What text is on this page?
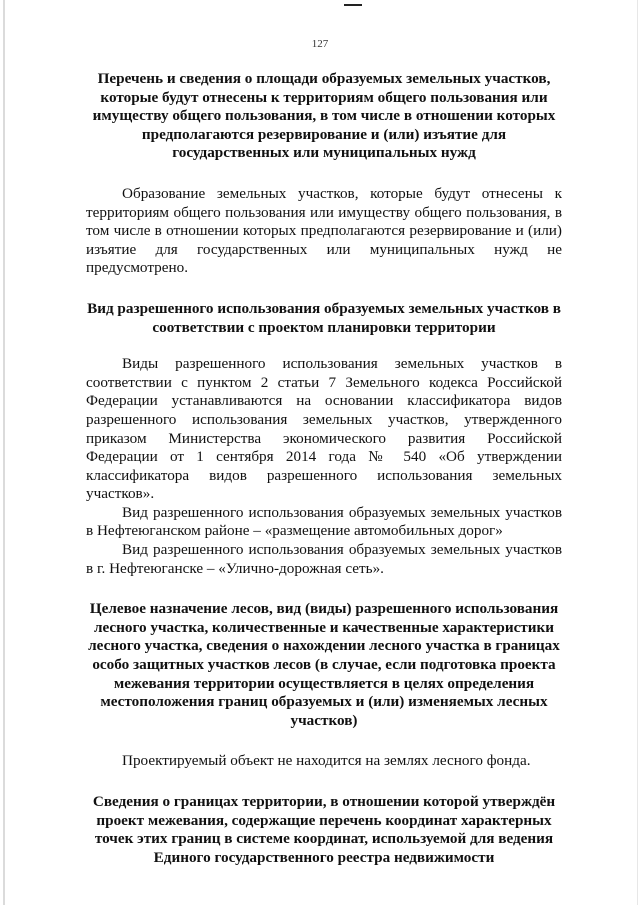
127

Перечень и сведения о площади образуемых земельных участков, которые будут отнесены к территориям общего пользования или имуществу общего пользования, в том числе в отношении которых предполагаются резервирование и (или) изъятие для государственных или муниципальных нужд

Образование земельных участков, которые будут отнесены к территориям общего пользования или имуществу общего пользования, в том числе в отношении которых предполагаются резервирование и (или) изъятие для государственных или муниципальных нужд не предусмотрено.

Вид разрешенного использования образуемых земельных участков в соответствии с проектом планировки территории

Виды разрешенного использования земельных участков в соответствии с пунктом 2 статьи 7 Земельного кодекса Российской Федерации устанавливаются на основании классификатора видов разрешенного использования земельных участков, утвержденного приказом Министерства экономического развития Российской Федерации от 1 сентября 2014 года № 540 «Об утверждении классификатора видов разрешенного использования земельных участков».

Вид разрешенного использования образуемых земельных участков в Нефтеюганском районе – «размещение автомобильных дорог»

Вид разрешенного использования образуемых земельных участков в г. Нефтеюганске – «Улично-дорожная сеть».

Целевое назначение лесов, вид (виды) разрешенного использования лесного участка, количественные и качественные характеристики лесного участка, сведения о нахождении лесного участка в границах особо защитных участков лесов (в случае, если подготовка проекта межевания территории осуществляется в целях определения местоположения границ образуемых и (или) изменяемых лесных участков)

Проектируемый объект не находится на землях лесного фонда.

Сведения о границах территории, в отношении которой утверждён проект межевания, содержащие перечень координат характерных точек этих границ в системе координат, используемой для ведения Единого государственного реестра недвижимости
